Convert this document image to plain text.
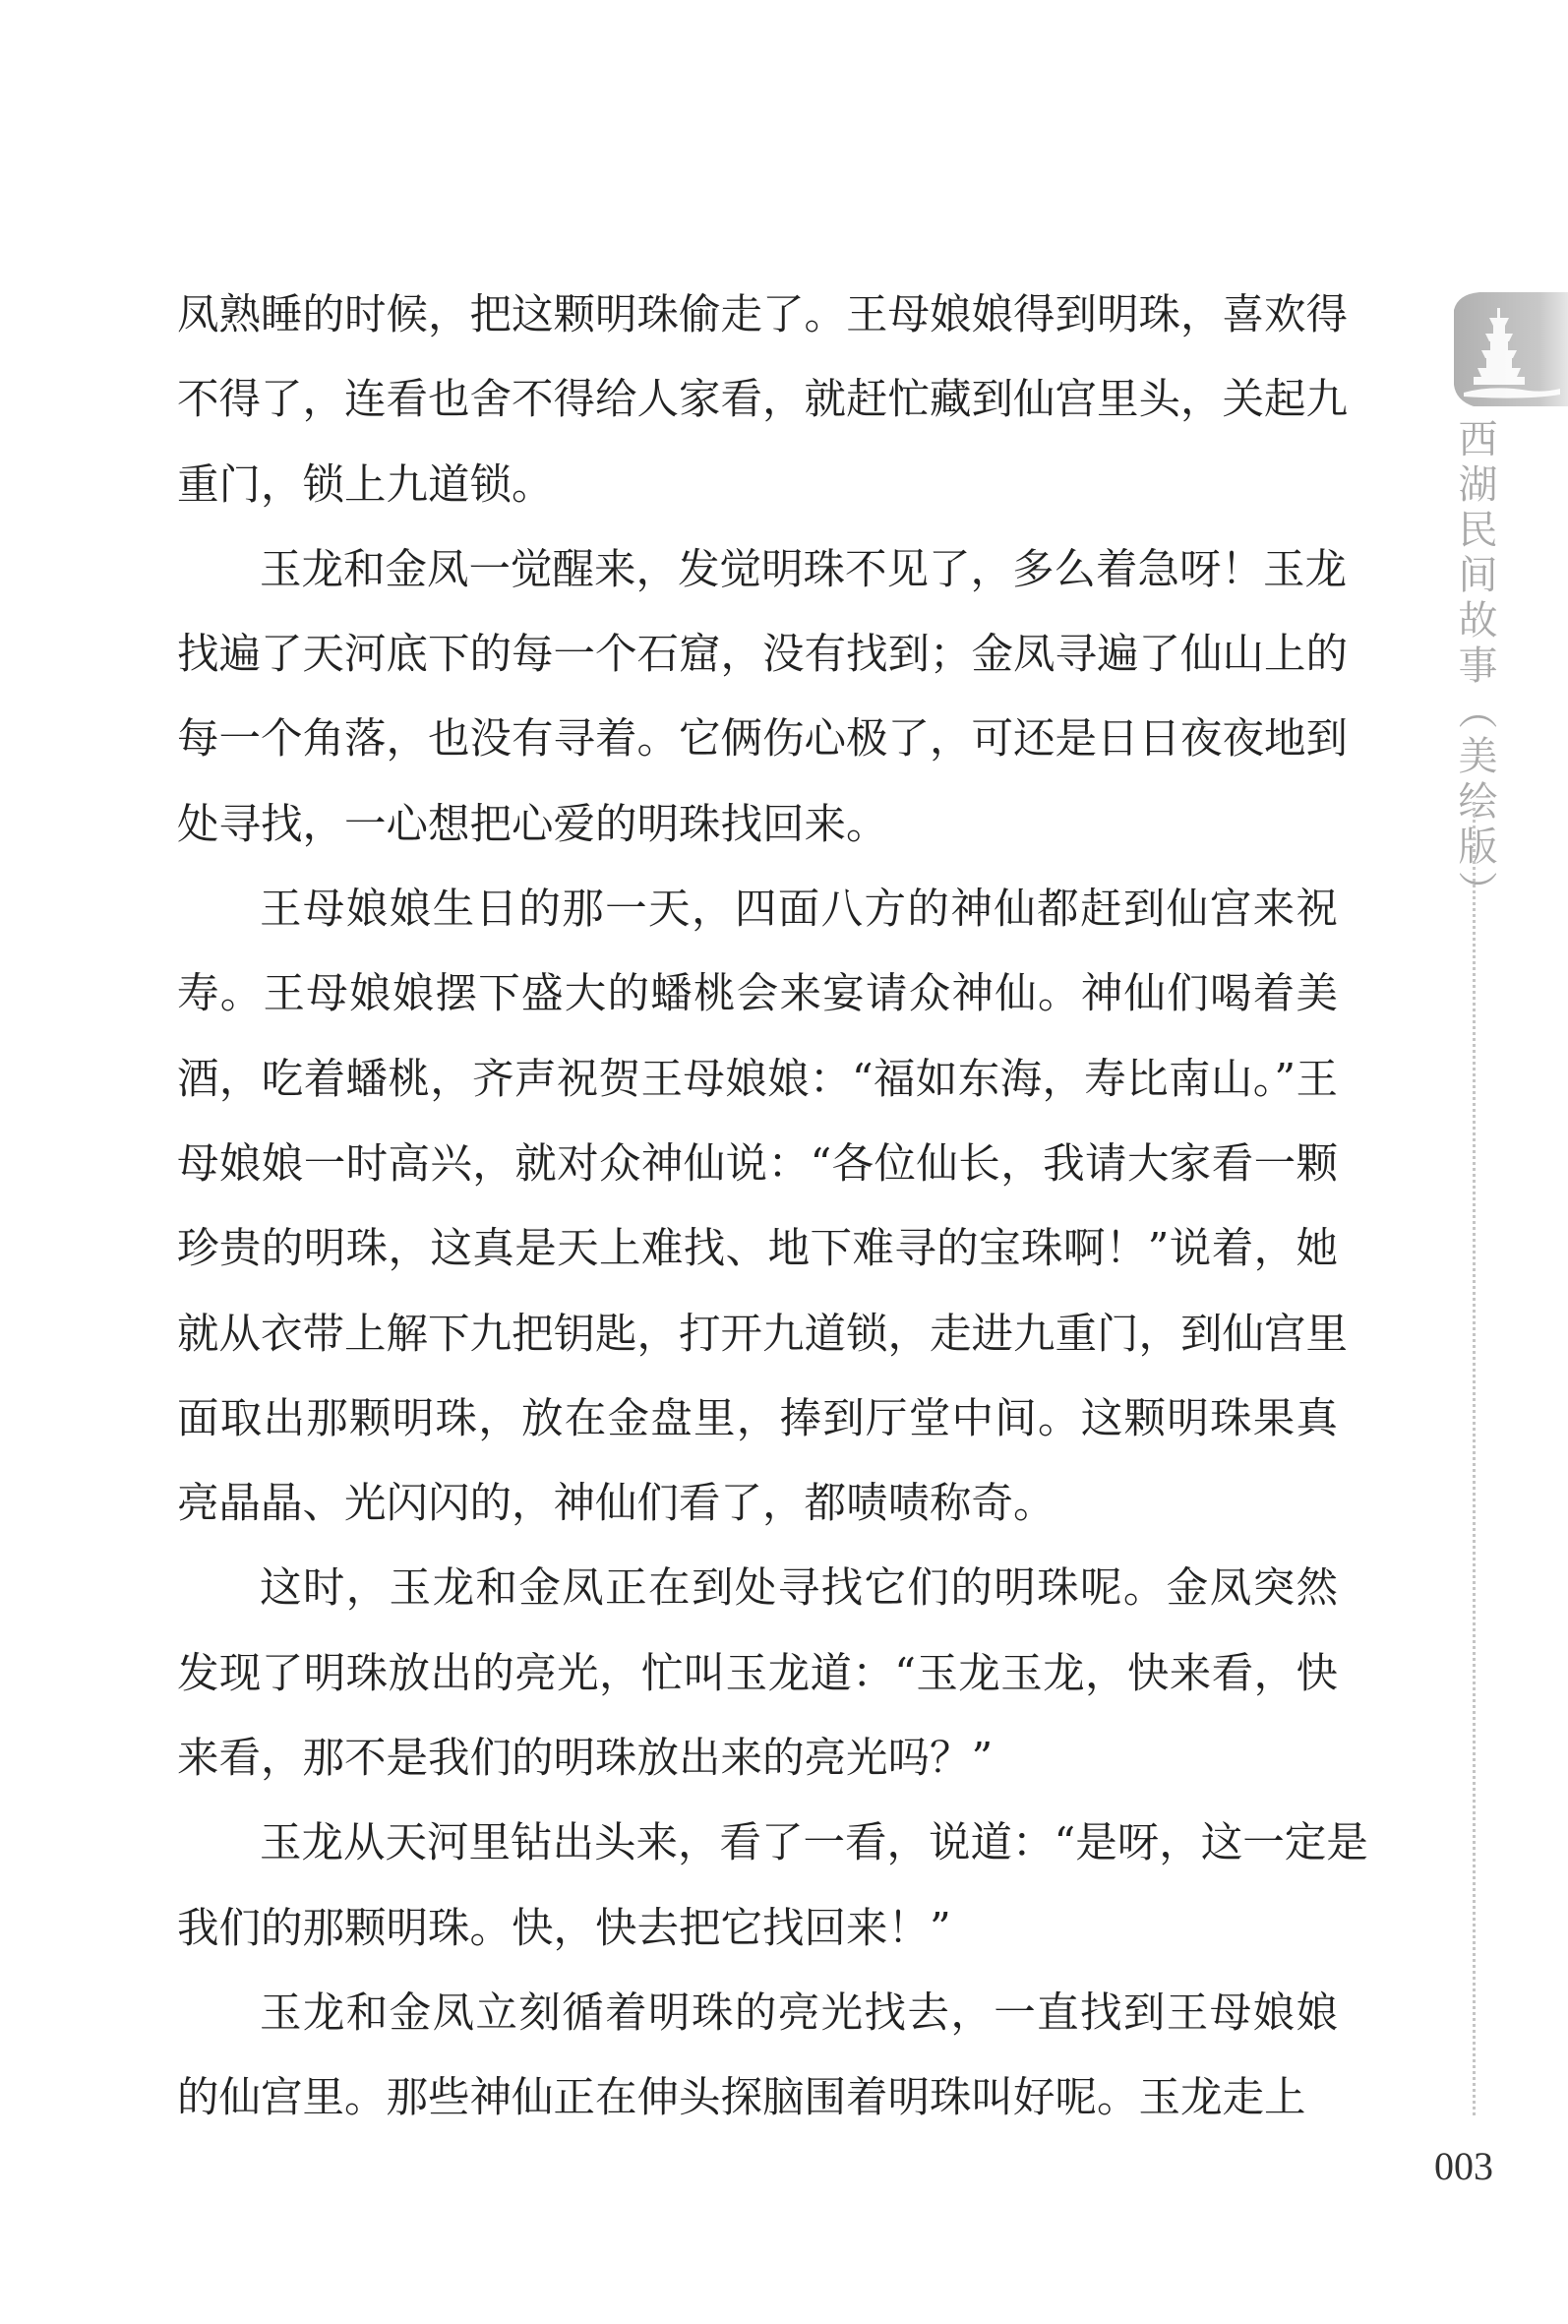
凤熟睡的时候，把这颗明珠偷走了。王母娘娘得到明珠，喜欢得
不得了，连看也舍不得给人家看，就赶忙藏到仙宫里头，关起九
重门，锁上九道锁。
玉龙和金凤一觉醒来，发觉明珠不见了，多么着急呀！玉龙
找遍了天河底下的每一个石窟，没有找到；金凤寻遍了仙山上的
每一个角落，也没有寻着。它俩伤心极了，可还是日日夜夜地到
处寻找，一心想把心爱的明珠找回来。
王母娘娘生日的那一天，四面八方的神仙都赶到仙宫来祝
寿。王母娘娘摆下盛大的蟠桃会来宴请众神仙。神仙们喝着美
酒，吃着蟠桃，齐声祝贺王母娘娘：“福如东海，寿比南山。”王
母娘娘一时高兴，就对众神仙说：“各位仙长，我请大家看一颗
珍贵的明珠，这真是天上难找、地下难寻的宝珠啊！”说着，她
就从衣带上解下九把钥匙，打开九道锁，走进九重门，到仙宫里
面取出那颗明珠，放在金盘里，捧到厅堂中间。这颗明珠果真
亮晶晶、光闪闪的，神仙们看了，都啧啧称奇。
这时，玉龙和金凤正在到处寻找它们的明珠呢。金凤突然
发现了明珠放出的亮光，忙叫玉龙道：“玉龙玉龙，快来看，快
来看，那不是我们的明珠放出来的亮光吗？”
玉龙从天河里钻出头来，看了一看，说道：“是呀，这一定是
我们的那颗明珠。快，快去把它找回来！”
玉龙和金凤立刻循着明珠的亮光找去，一直找到王母娘娘
的仙宫里。那些神仙正在伸头探脑围着明珠叫好呢。玉龙走上
西湖民间故事︵美绘版︶
003
